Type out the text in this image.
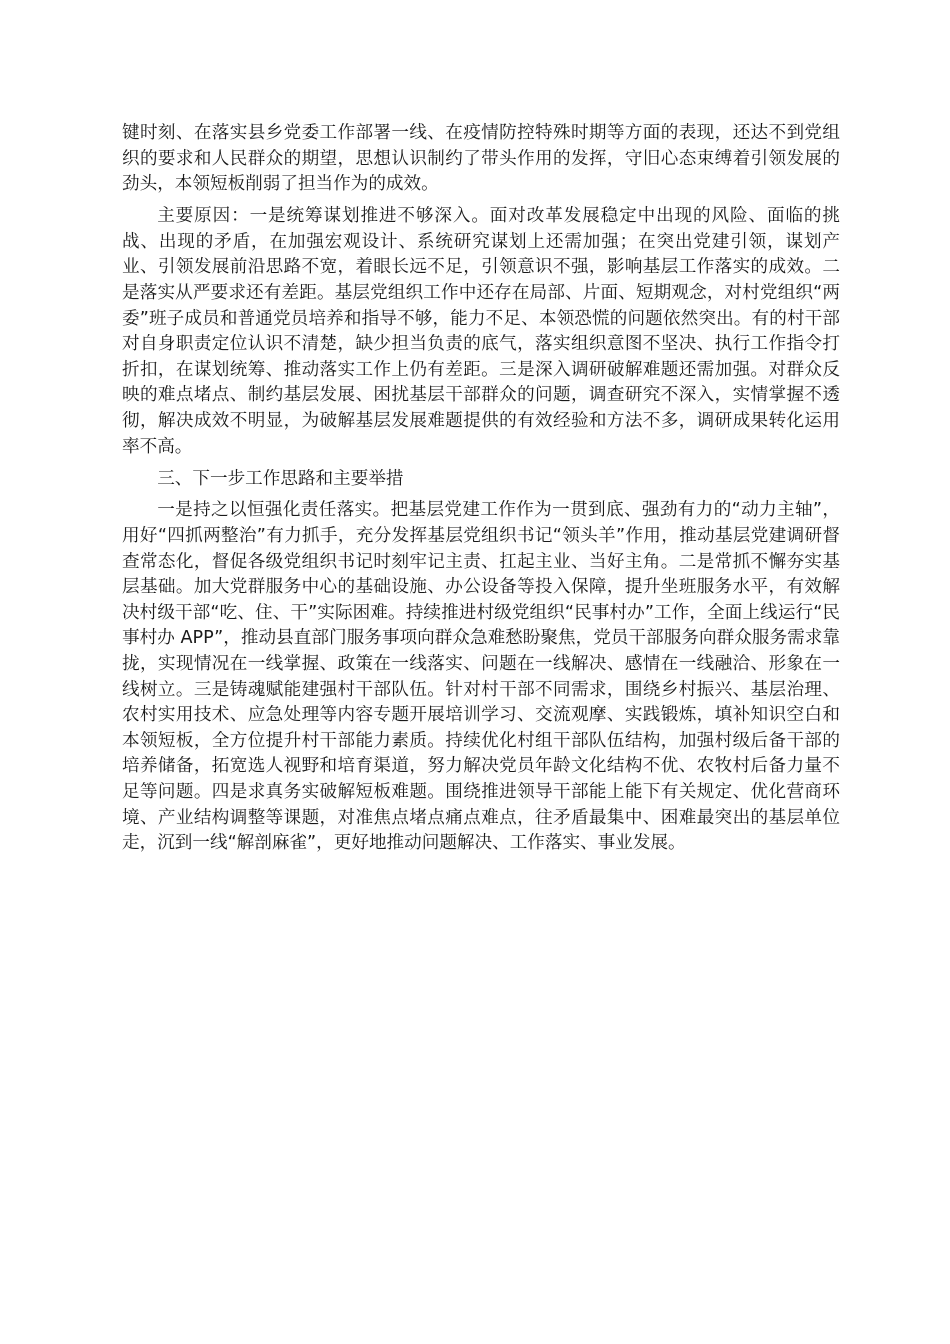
键时刻、在落实县乡党委工作部署一线、在疫情防控特殊时期等方面的表现，还达不到党组织的要求和人民群众的期望，思想认识制约了带头作用的发挥，守旧心态束缚着引领发展的劲头，本领短板削弱了担当作为的成效。

主要原因：一是统筹谋划推进不够深入。面对改革发展稳定中出现的风险、面临的挑战、出现的矛盾，在加强宏观设计、系统研究谋划上还需加强；在突出党建引领，谋划产业、引领发展前沿思路不宽，着眼长远不足，引领意识不强，影响基层工作落实的成效。二是落实从严要求还有差距。基层党组织工作中还存在局部、片面、短期观念，对村党组织“两委”班子成员和普通党员培养和指导不够，能力不足、本领恐慌的问题依然突出。有的村干部对自身职责定位认识不清楚，缺少担当负责的底气，落实组织意图不坚决、执行工作指令打折扣，在谋划统筹、推动落实工作上仍有差距。三是深入调研破解难题还需加强。对群众反映的难点堵点、制约基层发展、困扰基层干部群众的问题，调查研究不深入，实情掌握不透彻，解决成效不明显，为破解基层发展难题提供的有效经验和方法不多，调研成果转化运用率不高。

三、下一步工作思路和主要举措

一是持之以恒强化责任落实。把基层党建工作作为一贯到底、强劲有力的“动力主轴”，用好“四抓两整治”有力抓手，充分发挥基层党组织书记“领头羊”作用，推动基层党建调研督查常态化，督促各级党组织书记时刻牢记主责、扛起主业、当好主角。二是常抓不懈夯实基层基础。加大党群服务中心的基础设施、办公设备等投入保障，提升坐班服务水平，有效解决村级干部“吃、住、干”实际困难。持续推进村级党组织“民事村办”工作，全面上线运行“民事村办 APP”，推动县直部门服务事项向群众急难愁盼聚焦，党员干部服务向群众服务需求靠拢，实现情况在一线掌握、政策在一线落实、问题在一线解决、感情在一线融洽、形象在一线树立。三是铸魂赋能建强村干部队伍。针对村干部不同需求，围绕乡村振兴、基层治理、农村实用技术、应急处理等内容专题开展培训学习、交流观摩、实践锻炼，填补知识空白和本领短板，全方位提升村干部能力素质。持续优化村组干部队伍结构，加强村级后备干部的培养储备，拓宽选人视野和培育渠道，努力解决党员年龄文化结构不优、农牧村后备力量不足等问题。四是求真务实破解短板难题。围绕推进领导干部能上能下有关规定、优化营商环境、产业结构调整等课题，对准焦点堵点痛点难点，往矛盾最集中、困难最突出的基层单位走，沉到一线“解剖麻雀”，更好地推动问题解决、工作落实、事业发展。
